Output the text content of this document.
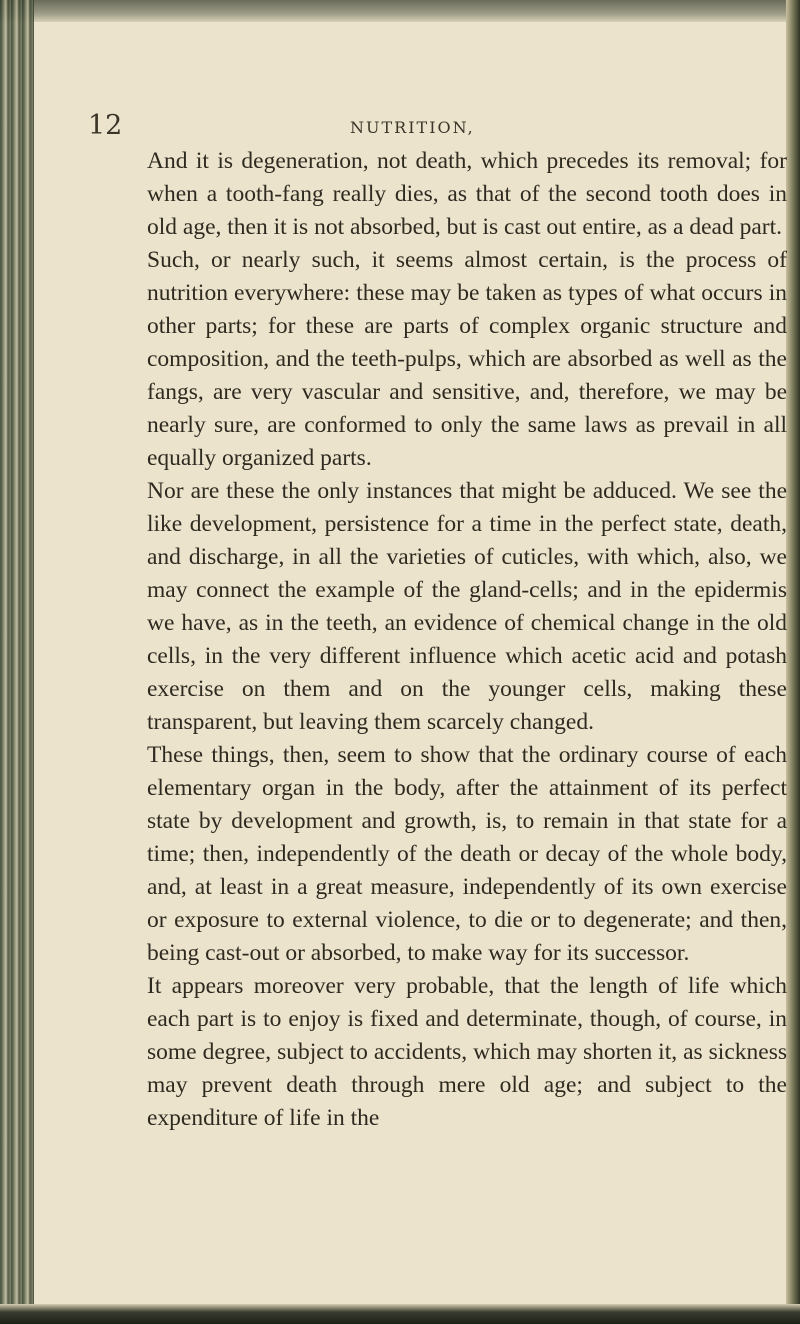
12	NUTRITION,

And it is degeneration, not death, which precedes its removal; for when a tooth-fang really dies, as that of the second tooth does in old age, then it is not absorbed, but is cast out entire, as a dead part.

Such, or nearly such, it seems almost certain, is the process of nutrition everywhere: these may be taken as types of what occurs in other parts; for these are parts of complex organic structure and composition, and the teeth-pulps, which are absorbed as well as the fangs, are very vascular and sensitive, and, therefore, we may be nearly sure, are conformed to only the same laws as prevail in all equally organized parts.

Nor are these the only instances that might be adduced. We see the like development, persistence for a time in the perfect state, death, and discharge, in all the varieties of cuticles, with which, also, we may connect the example of the gland-cells; and in the epidermis we have, as in the teeth, an evidence of chemical change in the old cells, in the very different influence which acetic acid and potash exercise on them and on the younger cells, making these transparent, but leaving them scarcely changed.

These things, then, seem to show that the ordinary course of each elementary organ in the body, after the attainment of its perfect state by development and growth, is, to remain in that state for a time; then, independently of the death or decay of the whole body, and, at least in a great measure, independently of its own exercise or exposure to external violence, to die or to degenerate; and then, being cast-out or absorbed, to make way for its successor.

It appears moreover very probable, that the length of life which each part is to enjoy is fixed and determinate, though, of course, in some degree, subject to accidents, which may shorten it, as sickness may prevent death through mere old age; and subject to the expenditure of life in the
